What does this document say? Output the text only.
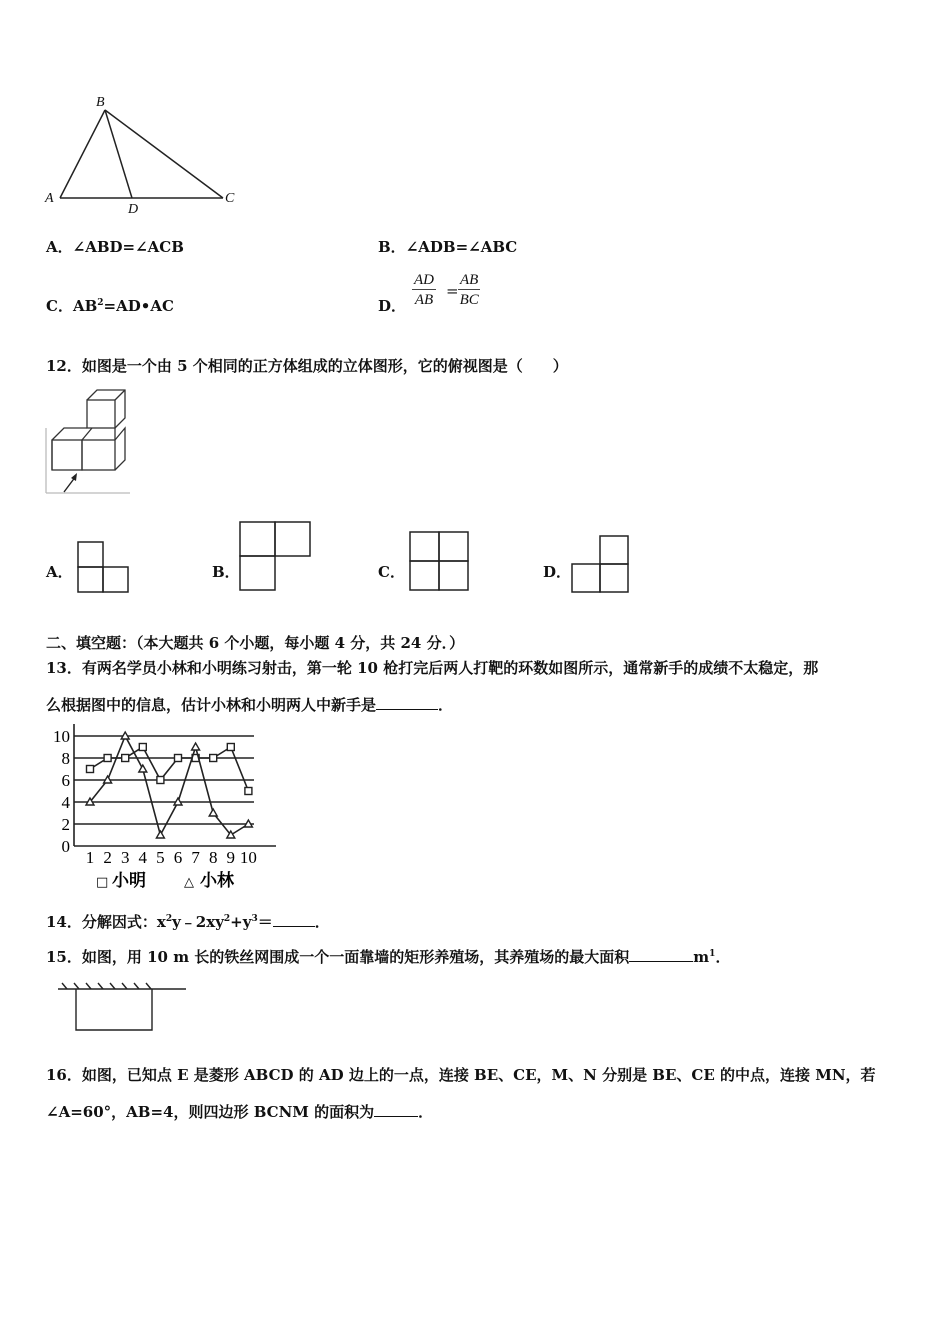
B
A
D
C
A．∠ABD=∠ACB	B．∠ADB=∠ABC
C．$AB^2=AD•AC$	D． $\frac{AD}{AB} = \frac{AB}{BC}$
12．如图是一个由 5 个相同的正方体组成的立体图形，它的俯视图是（　　）
A．	B．	C．	D．
二、填空题：（本大题共 6 个小题，每小题 4 分，共 24 分．）
13．有两名学员小林和小明练习射击，第一轮 10 枪打完后两人打靶的环数如图所示，通常新手的成绩不太稳定，那
么根据图中的信息，估计小林和小明两人中新手是	．
0
2
4
6
8
10
1 2 3 4 5 6 7 8 9 10
□ 小明	△ 小林
14．分解因式：$x^2y﹣2xy^2+y^3=$	．
15．如图，用 10 m 长的铁丝网围成一个一面靠墙的矩形养殖场，其养殖场的最大面积	$m^1$．
16．如图，已知点 E 是菱形 ABCD 的 AD 边上的一点，连接 BE、CE，M、N 分别是 BE、CE 的中点，连接 MN，若
∠A=60°，AB=4，则四边形 BCNM 的面积为	．
